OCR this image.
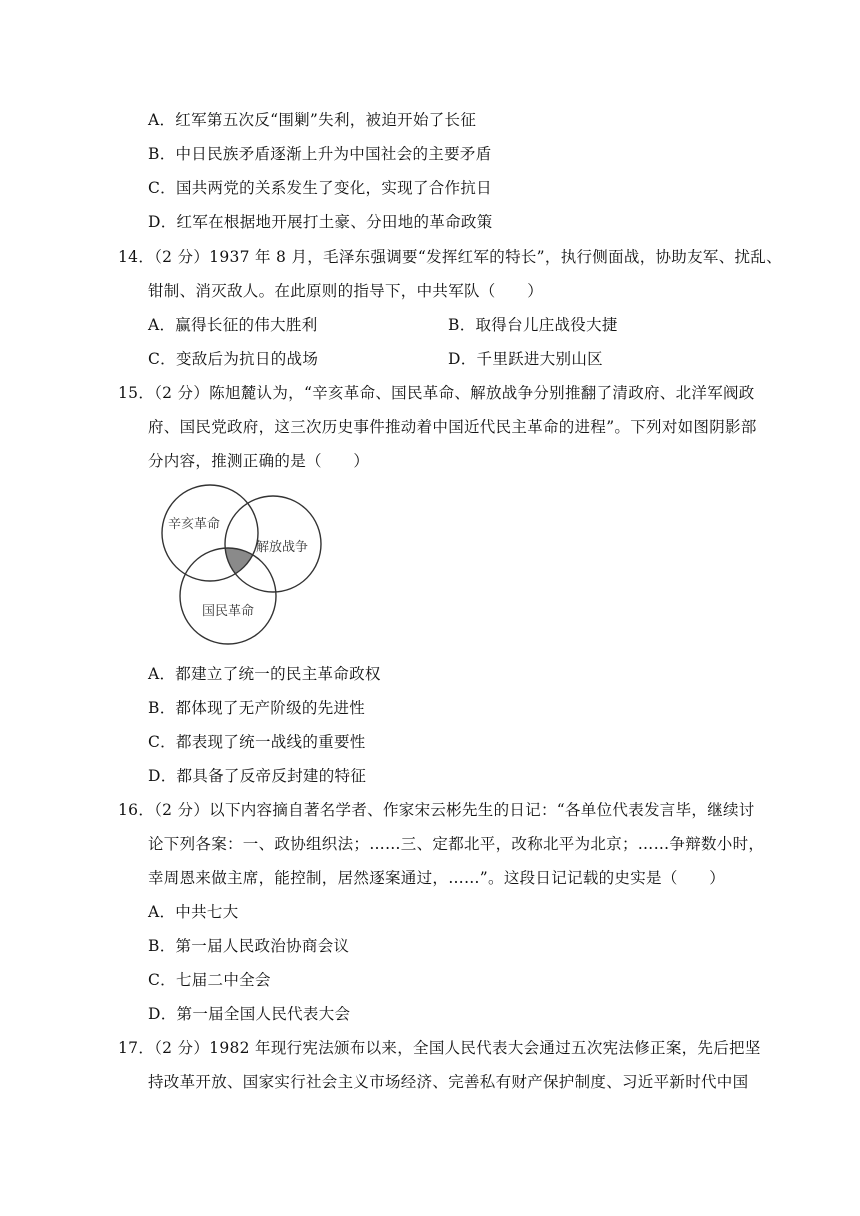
A．红军第五次反“围剿”失利，被迫开始了长征
B．中日民族矛盾逐渐上升为中国社会的主要矛盾
C．国共两党的关系发生了变化，实现了合作抗日
D．红军在根据地开展打土豪、分田地的革命政策
14．（2 分）1937 年 8 月，毛泽东强调要“发挥红军的特长”，执行侧面战，协助友军、扰乱、
钳制、消灭敌人。在此原则的指导下，中共军队（　　）
A．赢得长征的伟大胜利	B．取得台儿庄战役大捷
C．变敌后为抗日的战场	D．千里跃进大别山区
15．（2 分）陈旭麓认为，“辛亥革命、国民革命、解放战争分别推翻了清政府、北洋军阀政
府、国民党政府，这三次历史事件推动着中国近代民主革命的进程”。下列对如图阴影部
分内容，推测正确的是（　　）
辛亥革命
解放战争
国民革命
A．都建立了统一的民主革命政权
B．都体现了无产阶级的先进性
C．都表现了统一战线的重要性
D．都具备了反帝反封建的特征
16．（2 分）以下内容摘自著名学者、作家宋云彬先生的日记：“各单位代表发言毕，继续讨
论下列各案：一、政协组织法；……三、定都北平，改称北平为北京；……争辩数小时，
幸周恩来做主席，能控制，居然逐案通过，……”。这段日记记载的史实是（　　）
A．中共七大
B．第一届人民政治协商会议
C．七届二中全会
D．第一届全国人民代表大会
17．（2 分）1982 年现行宪法颁布以来，全国人民代表大会通过五次宪法修正案，先后把坚
持改革开放、国家实行社会主义市场经济、完善私有财产保护制度、习近平新时代中国
